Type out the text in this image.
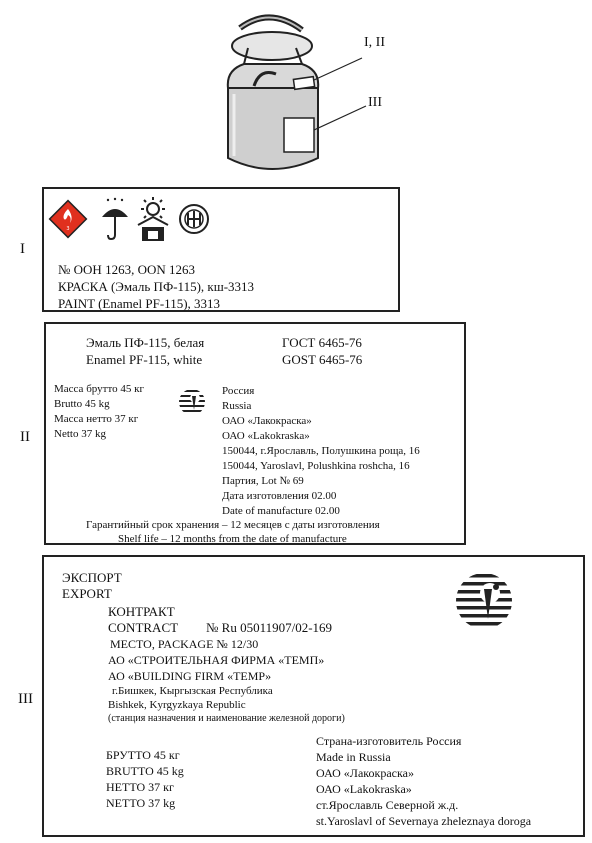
I, II
III
I
3
№ ООН 1263, OON 1263
КРАСКА (Эмаль ПФ-115), кш-3313
PAINT (Enamel PF-115), 3313
II
Эмаль ПФ-115, белая
Enamel PF-115, white
ГОСТ 6465-76
GOST 6465-76
Масса брутто 45 кг
Brutto 45 kg
Масса нетто 37 кг
Netto 37 kg
Россия
Russia
ОАО «Лакокраска»
ОАО «Lakokraska»
150044, г.Ярославль, Полушкина роща, 16
150044, Yaroslavl, Polushkina roshcha, 16
Партия, Lot № 69
Дата изготовления 02.00
Date of manufacture 02.00
Гарантийный срок хранения – 12 месяцев с даты изготовления
Shelf life – 12 months from the date of manufacture
III
ЭКСПОРТ
EXPORT
КОНТРАКТ
CONTRACT № Ru 05011907/02-169
МЕСТО, PACKAGE № 12/30
АО «СТРОИТЕЛЬНАЯ ФИРМА «ТЕМП»
АО «BUILDING FIRM «TEMP»
г.Бишкек, Кыргызская Республика
Bishkek, Kyrgyzkaya Republic
(станция назначения и наименование железной дороги)
БРУТТО 45 кг
BRUTTO 45 kg
НЕТТО 37 кг
NETTO 37 kg
Страна-изготовитель Россия
Made in Russia
ОАО «Лакокраска»
ОАО «Lakokraska»
ст.Ярославль Северной ж.д.
st.Yaroslavl of Severnaya zheleznaya doroga
